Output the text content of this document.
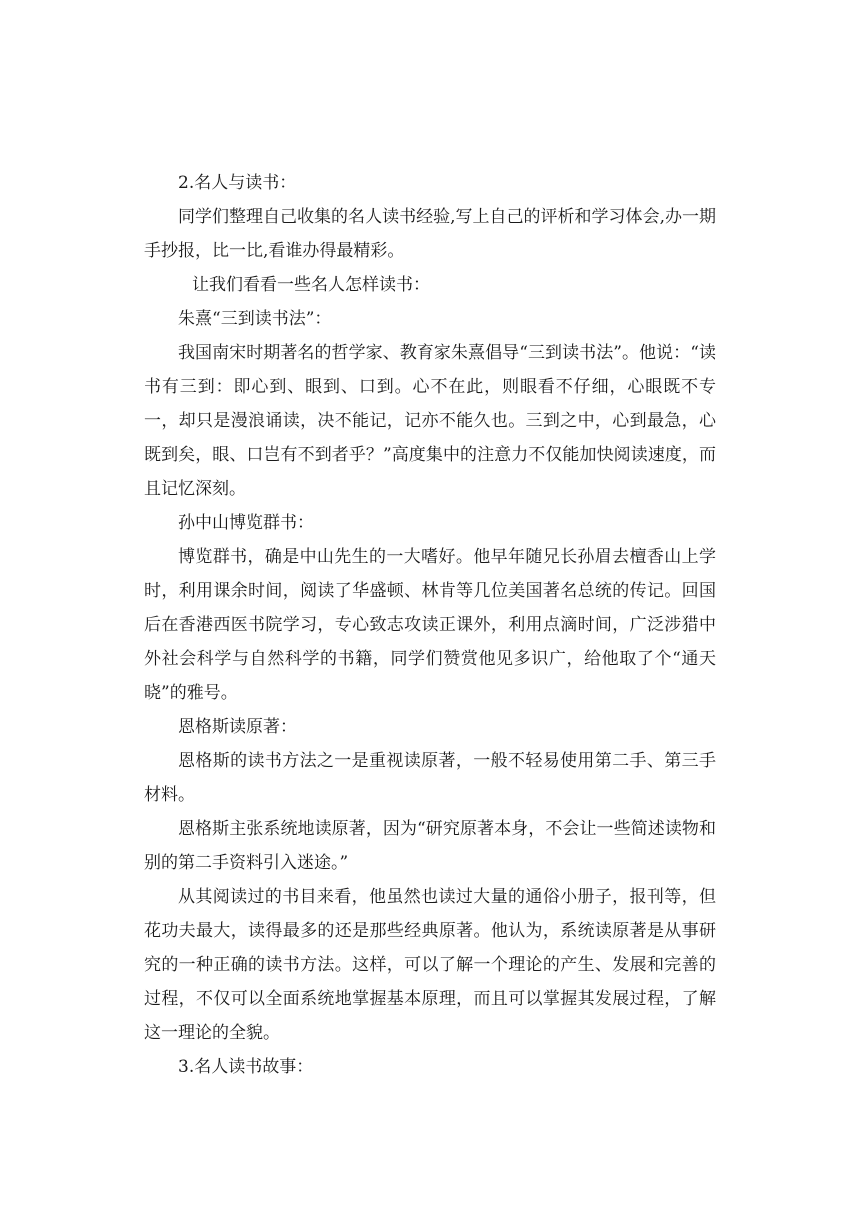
2.名人与读书：

同学们整理自己收集的名人读书经验,写上自己的评析和学习体会,办一期手抄报，比一比,看谁办得最精彩。

让我们看看一些名人怎样读书：

朱熹“三到读书法”：

我国南宋时期著名的哲学家、教育家朱熹倡导“三到读书法”。他说：“读书有三到：即心到、眼到、口到。心不在此，则眼看不仔细，心眼既不专一，却只是漫浪诵读，决不能记，记亦不能久也。三到之中，心到最急，心既到矣，眼、口岂有不到者乎？”高度集中的注意力不仅能加快阅读速度，而且记忆深刻。

孙中山博览群书：

博览群书，确是中山先生的一大嗜好。他早年随兄长孙眉去檀香山上学时，利用课余时间，阅读了华盛顿、林肯等几位美国著名总统的传记。回国后在香港西医书院学习，专心致志攻读正课外，利用点滴时间，广泛涉猎中外社会科学与自然科学的书籍，同学们赞赏他见多识广，给他取了个“通天晓”的雅号。

恩格斯读原著：

恩格斯的读书方法之一是重视读原著，一般不轻易使用第二手、第三手材料。

恩格斯主张系统地读原著，因为“研究原著本身，不会让一些简述读物和别的第二手资料引入迷途。”

从其阅读过的书目来看，他虽然也读过大量的通俗小册子，报刊等，但花功夫最大，读得最多的还是那些经典原著。他认为，系统读原著是从事研究的一种正确的读书方法。这样，可以了解一个理论的产生、发展和完善的过程，不仅可以全面系统地掌握基本原理，而且可以掌握其发展过程，了解这一理论的全貌。

3.名人读书故事：
